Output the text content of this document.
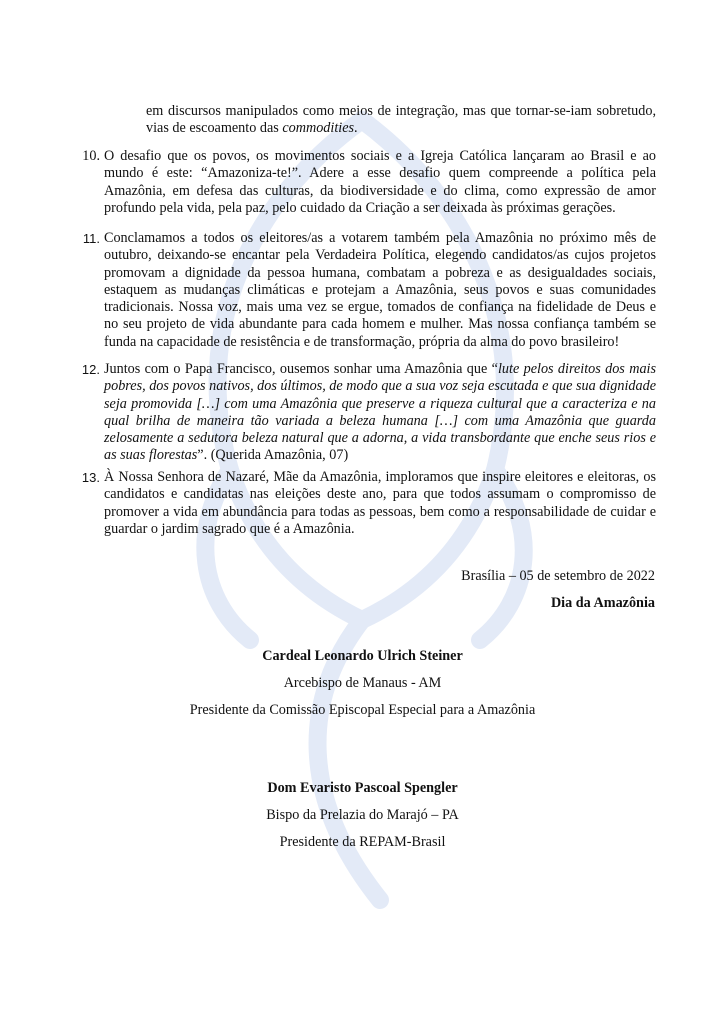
em discursos manipulados como meios de integração, mas que tornar-se-iam sobretudo, vias de escoamento das commodities.

10. O desafio que os povos, os movimentos sociais e a Igreja Católica lançaram ao Brasil e ao mundo é este: “Amazoniza-te!”. Adere a esse desafio quem compreende a política pela Amazônia, em defesa das culturas, da biodiversidade e do clima, como expressão de amor profundo pela vida, pela paz, pelo cuidado da Criação a ser deixada às próximas gerações.

11. Conclamamos a todos os eleitores/as a votarem também pela Amazônia no próximo mês de outubro, deixando-se encantar pela Verdadeira Política, elegendo candidatos/as cujos projetos promovam a dignidade da pessoa humana, combatam a pobreza e as desigualdades sociais, estaquem as mudanças climáticas e protejam a Amazônia, seus povos e suas comunidades tradicionais. Nossa voz, mais uma vez se ergue, tomados de confiança na fidelidade de Deus e no seu projeto de vida abundante para cada homem e mulher. Mas nossa confiança também se funda na capacidade de resistência e de transformação, própria da alma do povo brasileiro!

12. Juntos com o Papa Francisco, ousemos sonhar uma Amazônia que “lute pelos direitos dos mais pobres, dos povos nativos, dos últimos, de modo que a sua voz seja escutada e que sua dignidade seja promovida […] com uma Amazônia que preserve a riqueza cultural que a caracteriza e na qual brilha de maneira tão variada a beleza humana […] com uma Amazônia que guarda zelosamente a sedutora beleza natural que a adorna, a vida transbordante que enche seus rios e as suas florestas”. (Querida Amazônia, 07)

13. À Nossa Senhora de Nazaré, Mãe da Amazônia, imploramos que inspire eleitores e eleitoras, os candidatos e candidatas nas eleições deste ano, para que todos assumam o compromisso de promover a vida em abundância para todas as pessoas, bem como a responsabilidade de cuidar e guardar o jardim sagrado que é a Amazônia.

Brasília – 05 de setembro de 2022
Dia da Amazônia
Cardeal Leonardo Ulrich Steiner
Arcebispo de Manaus - AM
Presidente da Comissão Episcopal Especial para a Amazônia
Dom Evaristo Pascoal Spengler
Bispo da Prelazia do Marajó – PA
Presidente da REPAM-Brasil
